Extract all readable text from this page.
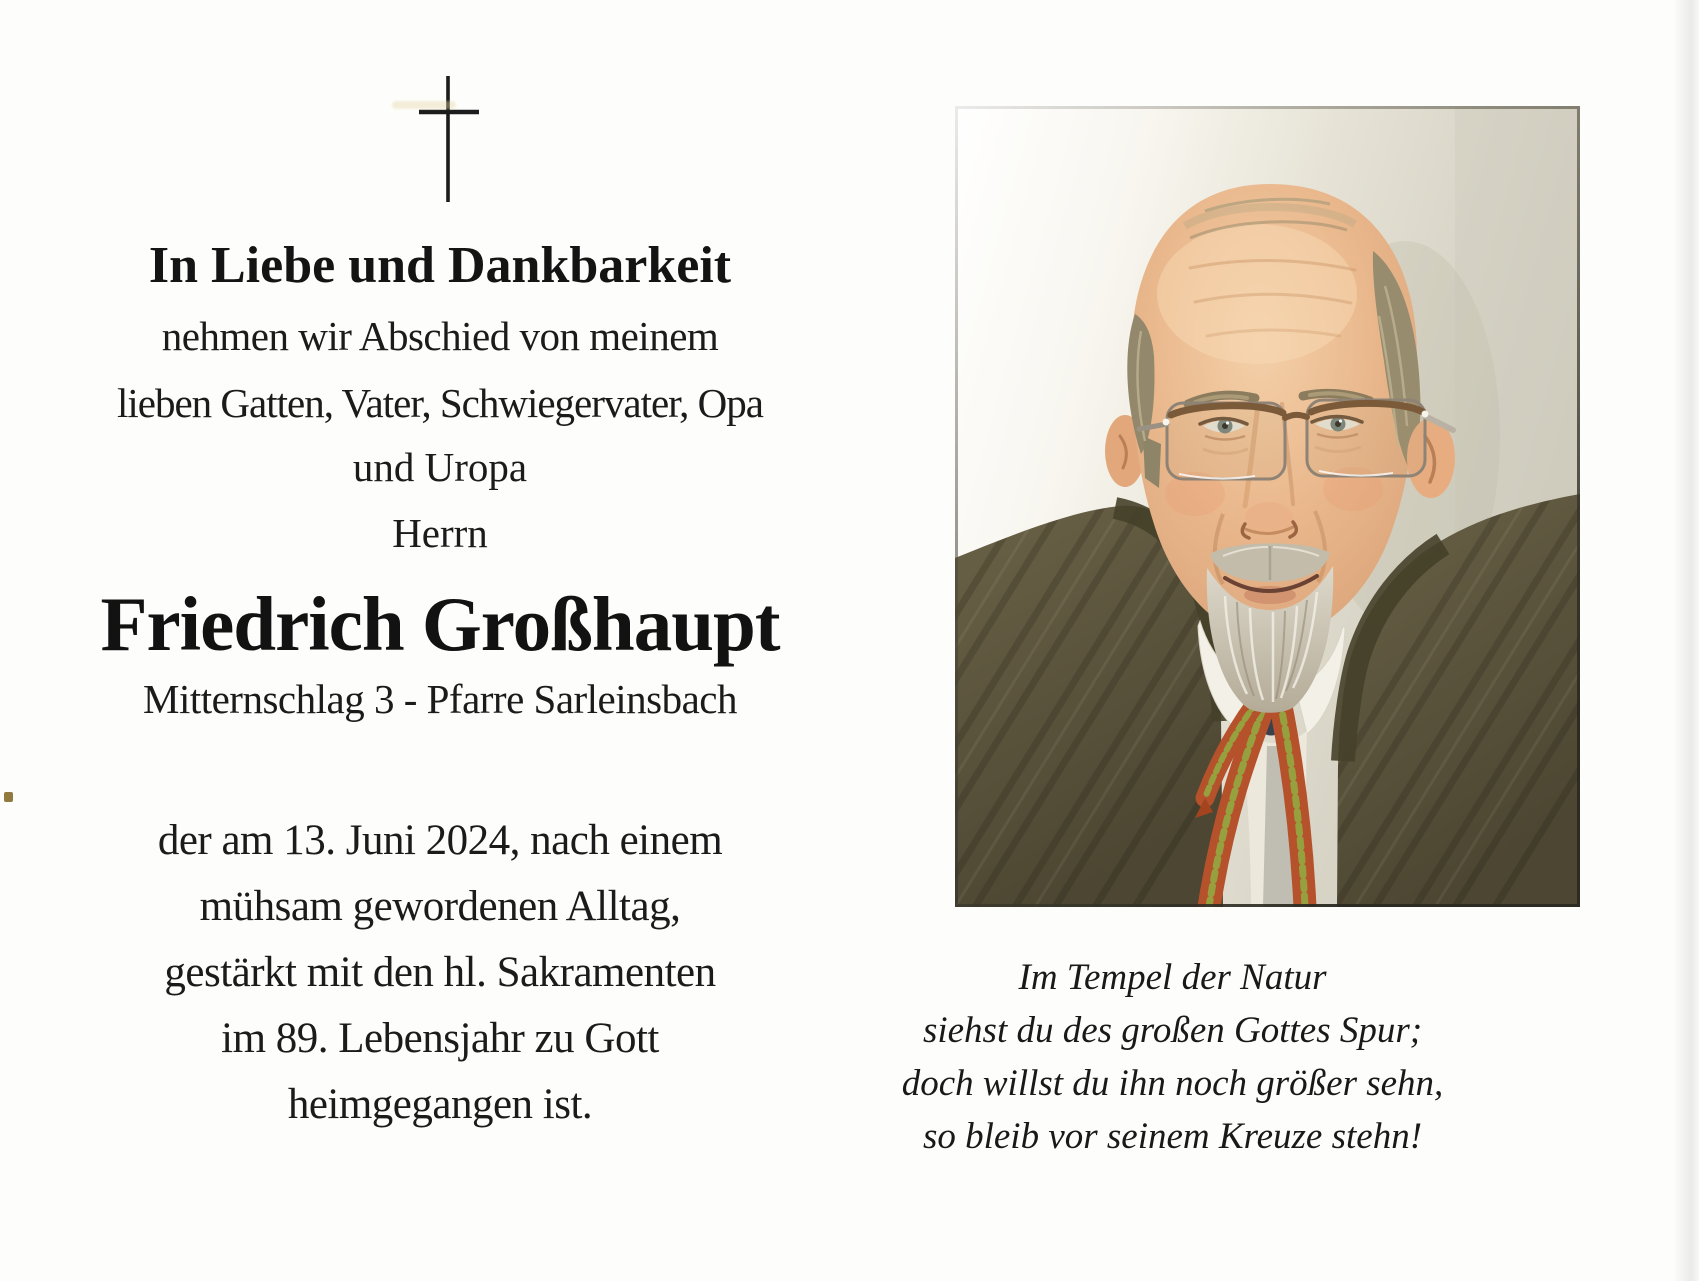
In Liebe und Dankbarkeit
nehmen wir Abschied von meinem
lieben Gatten, Vater, Schwiegervater, Opa
und Uropa
Herrn
Friedrich Großhaupt
Mitternschlag 3 - Pfarre Sarleinsbach
der am 13. Juni 2024, nach einem
mühsam gewordenen Alltag,
gestärkt mit den hl. Sakramenten
im 89. Lebensjahr zu Gott
heimgegangen ist.
Im Tempel der Natur
siehst du des großen Gottes Spur;
doch willst du ihn noch größer sehn,
so bleib vor seinem Kreuze stehn!
